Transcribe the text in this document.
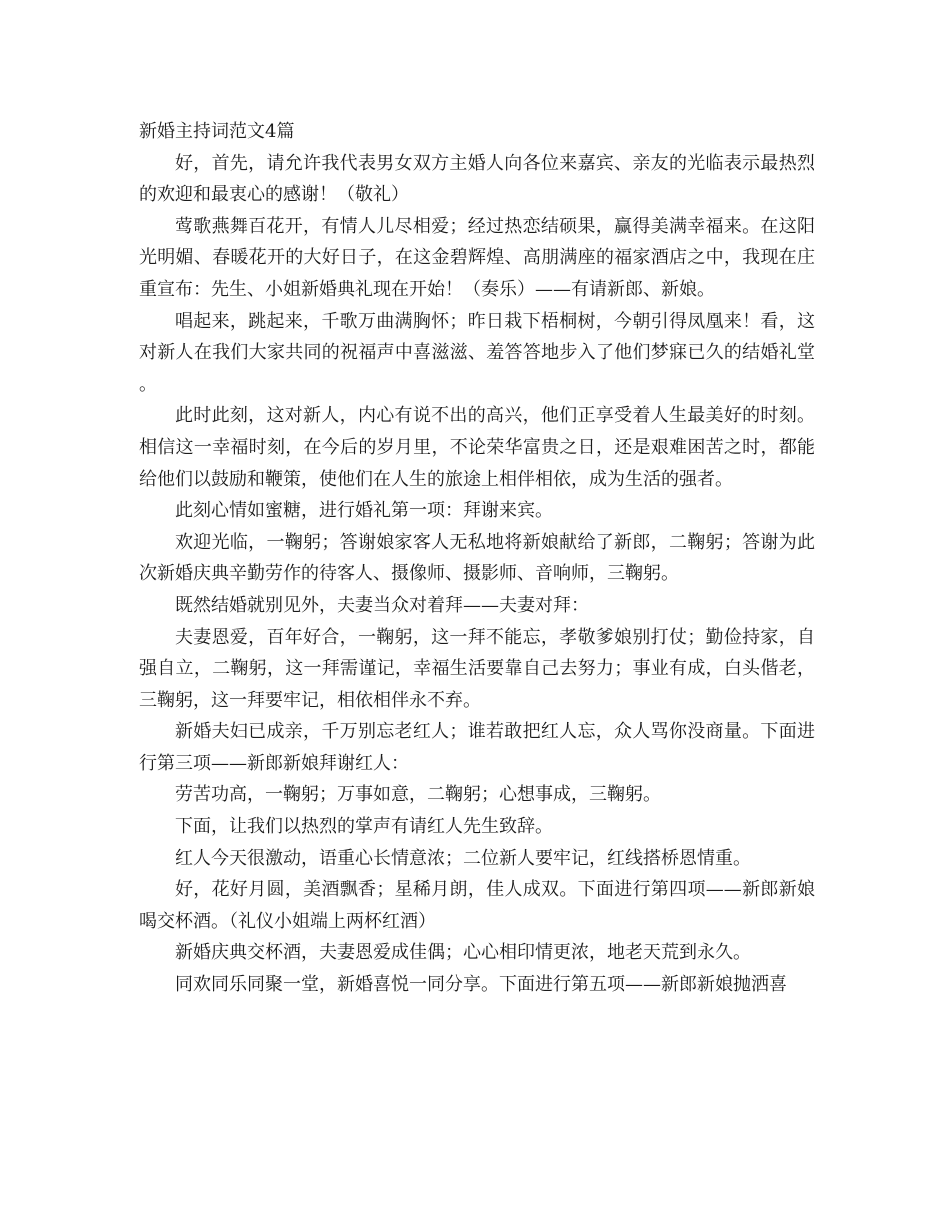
新婚主持词范文4篇

好，首先，请允许我代表男女双方主婚人向各位来嘉宾、亲友的光临表示最热烈的欢迎和最衷心的感谢！（敬礼）

莺歌燕舞百花开，有情人儿尽相爱；经过热恋结硕果，赢得美满幸福来。在这阳光明媚、春暖花开的大好日子，在这金碧辉煌、高朋满座的福家酒店之中，我现在庄重宣布：先生、小姐新婚典礼现在开始！（奏乐）——有请新郎、新娘。

唱起来，跳起来，千歌万曲满胸怀；昨日栽下梧桐树，今朝引得凤凰来！看，这对新人在我们大家共同的祝福声中喜滋滋、羞答答地步入了他们梦寐已久的结婚礼堂。

此时此刻，这对新人，内心有说不出的高兴，他们正享受着人生最美好的时刻。相信这一幸福时刻，在今后的岁月里，不论荣华富贵之日，还是艰难困苦之时，都能给他们以鼓励和鞭策，使他们在人生的旅途上相伴相依，成为生活的强者。

此刻心情如蜜糖，进行婚礼第一项：拜谢来宾。

欢迎光临，一鞠躬；答谢娘家客人无私地将新娘献给了新郎，二鞠躬；答谢为此次新婚庆典辛勤劳作的待客人、摄像师、摄影师、音响师，三鞠躬。

既然结婚就别见外，夫妻当众对着拜——夫妻对拜：

夫妻恩爱，百年好合，一鞠躬，这一拜不能忘，孝敬爹娘别打仗；勤俭持家，自强自立，二鞠躬，这一拜需谨记，幸福生活要靠自己去努力；事业有成，白头偕老，三鞠躬，这一拜要牢记，相依相伴永不弃。

新婚夫妇已成亲，千万别忘老红人；谁若敢把红人忘，众人骂你没商量。下面进行第三项——新郎新娘拜谢红人：

劳苦功高，一鞠躬；万事如意，二鞠躬；心想事成，三鞠躬。

下面，让我们以热烈的掌声有请红人先生致辞。

红人今天很激动，语重心长情意浓；二位新人要牢记，红线搭桥恩情重。

好，花好月圆，美酒飘香；星稀月朗，佳人成双。下面进行第四项——新郎新娘喝交杯酒。（礼仪小姐端上两杯红酒）

新婚庆典交杯酒，夫妻恩爱成佳偶；心心相印情更浓，地老天荒到永久。

同欢同乐同聚一堂，新婚喜悦一同分享。下面进行第五项——新郎新娘抛洒喜
